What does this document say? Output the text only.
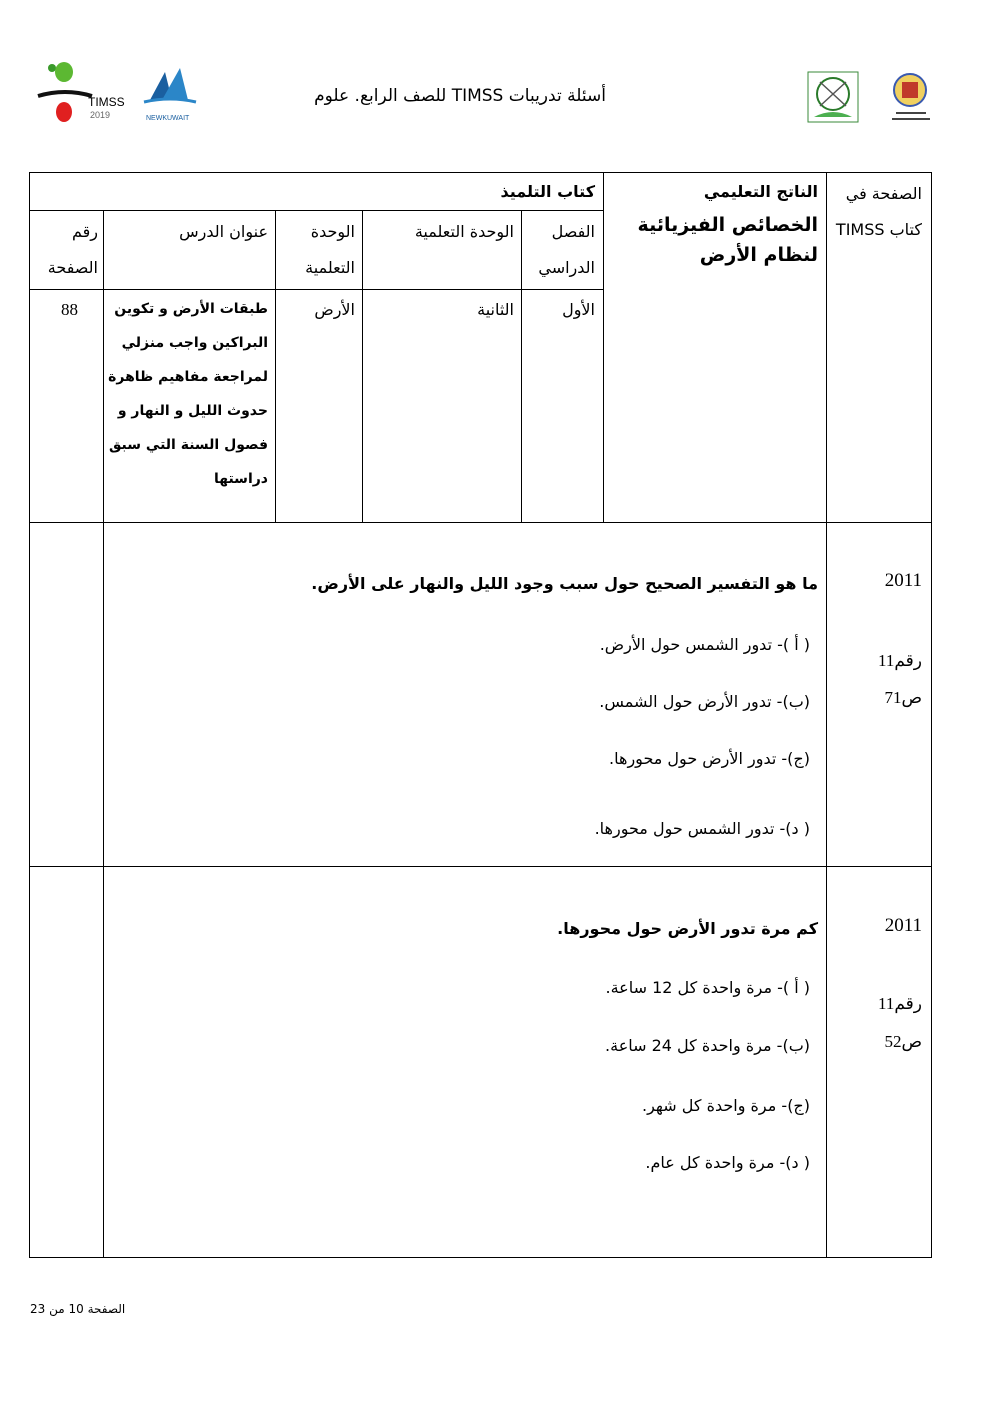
TIMSS
2019	NEWKUWAIT
أسئلة تدريبات TIMSS للصف الرابع. علوم
الصفحة في كتاب TIMSS
الناتج التعليمي
كتاب التلميذ
الخصائص الفيزيائية لنظام الأرض
الفصل الدراسي
الوحدة التعلمية
الوحدة التعلمية
عنوان الدرس
رقم الصفحة
الأول
الثانية
الأرض
طبقات الأرض و تكوين البراكين واجب منزلي لمراجعة مفاهيم ظاهرة حدوث الليل و النهار و فصول السنة التي سبق دراستها
88
2011
رقم11
ص71
ما هو التفسير الصحيح حول سبب وجود الليل والنهار على الأرض.
( أ )- تدور الشمس حول الأرض.
(ب)- تدور الأرض حول الشمس.
(ج)- تدور الأرض حول محورها.
( د)- تدور الشمس حول محورها.
2011
رقم11
ص52
كم مرة تدور الأرض حول محورها.
( أ )- مرة واحدة كل 12 ساعة.
(ب)- مرة واحدة كل 24 ساعة.
(ج)- مرة واحدة كل شهر.
( د)- مرة واحدة كل عام.
الصفحة 10 من 23
